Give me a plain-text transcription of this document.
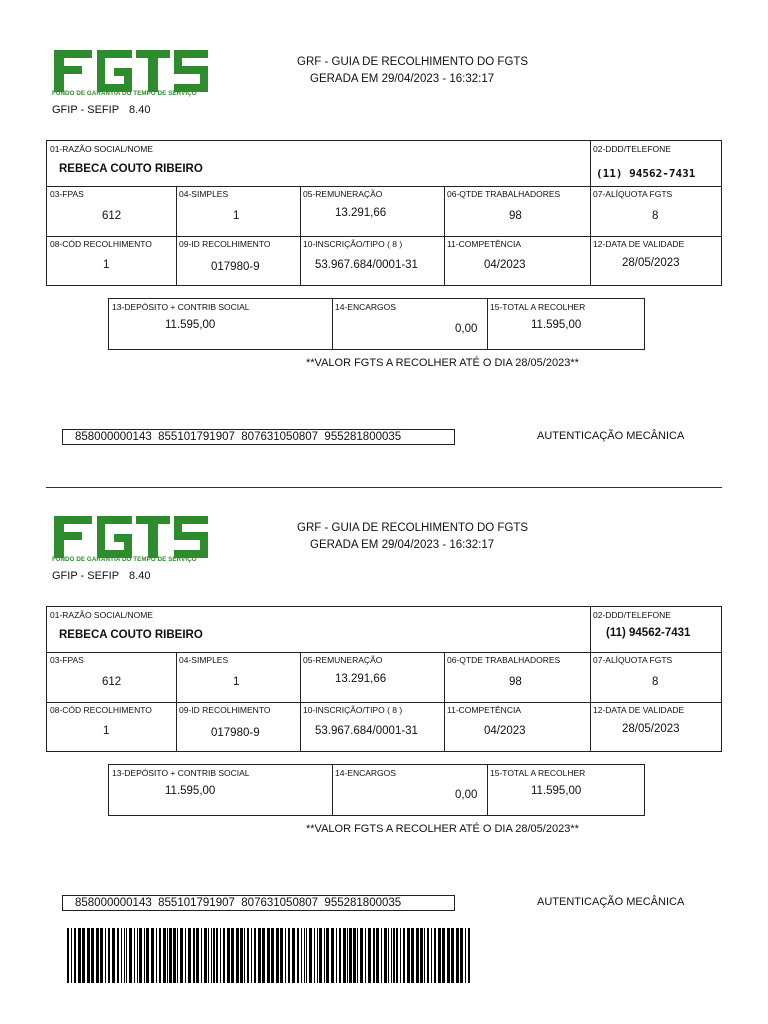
FUNDO DE GARANTIA DO TEMPO DE SERVIÇO
GFIP - SEFIP 8.40
GRF - GUIA DE RECOLHIMENTO DO FGTS
GERADA EM 29/04/2023 - 16:32:17
01-RAZÃO SOCIAL/NOME
REBECA COUTO RIBEIRO
02-DDD/TELEFONE
(11) 94562-7431
03-FPAS
612
04-SIMPLES
1
05-REMUNERAÇÃO
13.291,66
06-QTDE TRABALHADORES
98
07-ALÍQUOTA FGTS
8
08-CÓD RECOLHIMENTO
1
09-ID RECOLHIMENTO
017980-9
10-INSCRIÇÃO/TIPO ( 8 )
53.967.684/0001-31
11-COMPETÊNCIA
04/2023
12-DATA DE VALIDADE
28/05/2023
13-DEPÓSITO + CONTRIB SOCIAL
11.595,00
14-ENCARGOS
0,00
15-TOTAL A RECOLHER
11.595,00
**VALOR FGTS A RECOLHER ATÉ O DIA 28/05/2023**
858000000143  855101791907  807631050807  955281800035	AUTENTICAÇÃO MECÂNICA
FUNDO DE GARANTIA DO TEMPO DE SERVIÇO
GFIP - SEFIP 8.40
GRF - GUIA DE RECOLHIMENTO DO FGTS
GERADA EM 29/04/2023 - 16:32:17
01-RAZÃO SOCIAL/NOME
REBECA COUTO RIBEIRO
02-DDD/TELEFONE
(11) 94562-7431
03-FPAS
612
04-SIMPLES
1
05-REMUNERAÇÃO
13.291,66
06-QTDE TRABALHADORES
98
07-ALÍQUOTA FGTS
8
08-CÓD RECOLHIMENTO
1
09-ID RECOLHIMENTO
017980-9
10-INSCRIÇÃO/TIPO ( 8 )
53.967.684/0001-31
11-COMPETÊNCIA
04/2023
12-DATA DE VALIDADE
28/05/2023
13-DEPÓSITO + CONTRIB SOCIAL
11.595,00
14-ENCARGOS
0,00
15-TOTAL A RECOLHER
11.595,00
**VALOR FGTS A RECOLHER ATÉ O DIA 28/05/2023**
858000000143  855101791907  807631050807  955281800035	AUTENTICAÇÃO MECÂNICA
